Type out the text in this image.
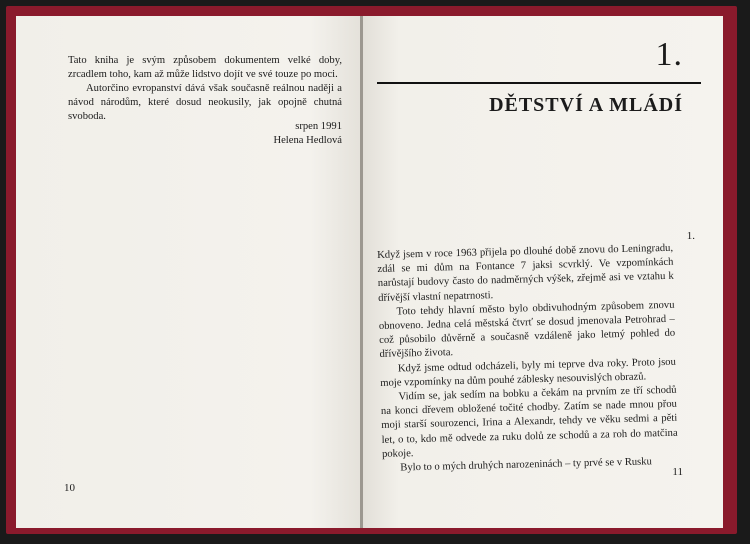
Tato kniha je svým způsobem dokumentem velké doby, zrcadlem toho, kam až může lidstvo dojít ve své touze po moci.

Autorčino evropanství dává však současně reálnou naději a návod národům, které dosud neokusily, jak opojně chutná svoboda.

srpen 1991
Helena Hedlová
10
1.
DĚTSTVÍ A MLÁDÍ
1.

Když jsem v roce 1963 přijela po dlouhé době znovu do Leningradu, zdál se mi dům na Fontance 7 jaksi scvrklý. Ve vzpomínkách narůstají budovy často do nadměrných výšek, zřejmě asi ve vztahu k dřívější vlastní nepatrnosti.

Toto tehdy hlavní město bylo obdivuhodným způsobem znovu obnoveno. Jedna celá městská čtvrť se dosud jmenovala Petrohrad – což působilo důvěrně a současně vzdáleně jako letmý pohled do dřívějšího života.

Když jsme odtud odcházeli, byly mi teprve dva roky. Proto jsou moje vzpomínky na dům pouhé záblesky nesouvislých obrazů.

Vidím se, jak sedím na bobku a čekám na prvním ze tří schodů na konci dřevem obložené točité chodby. Zatím se nade mnou přou moji starší sourozenci, Irina a Alexandr, tehdy ve věku sedmi a pěti let, o to, kdo mě odvede za ruku dolů ze schodů a za roh do matčina pokoje.

Bylo to o mých druhých narozeninách – ty prvé se v Rusku	11
